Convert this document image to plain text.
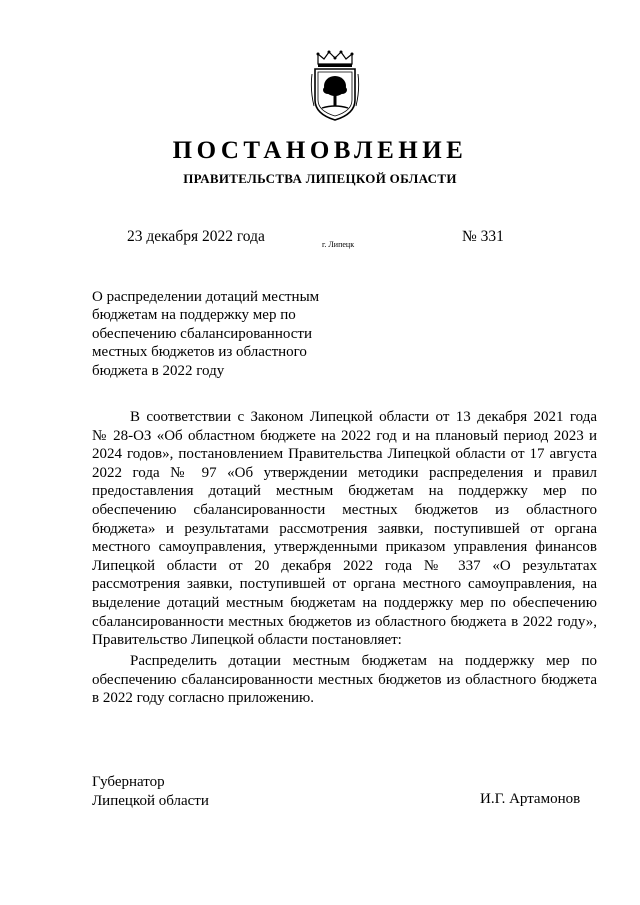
ПОСТАНОВЛЕНИЕ
ПРАВИТЕЛЬСТВА ЛИПЕЦКОЙ ОБЛАСТИ
23 декабря 2022 года	г. Липецк	№ 331
О распределении дотаций местным
бюджетам на поддержку мер по
обеспечению сбалансированности
местных бюджетов из областного
бюджета в 2022 году
В соответствии с Законом Липецкой области от 13 декабря 2021 года
№ 28-ОЗ «Об областном бюджете на 2022 год и на плановый период 2023 и
2024 годов», постановлением Правительства Липецкой области от 17 августа
2022 года № 97 «Об утверждении методики распределения и правил
предоставления дотаций местным бюджетам на поддержку мер по
обеспечению сбалансированности местных бюджетов из областного
бюджета» и результатами рассмотрения заявки, поступившей от органа
местного самоуправления, утвержденными приказом управления финансов
Липецкой области от 20 декабря 2022 года № 337 «О результатах
рассмотрения заявки, поступившей от органа местного самоуправления, на
выделение дотаций местным бюджетам на поддержку мер по обеспечению
сбалансированности местных бюджетов из областного бюджета в 2022 году»,
Правительство Липецкой области постановляет:
Распределить дотации местным бюджетам на поддержку мер по
обеспечению сбалансированности местных бюджетов из областного бюджета
в 2022 году согласно приложению.
Губернатор
Липецкой области	И.Г. Артамонов
